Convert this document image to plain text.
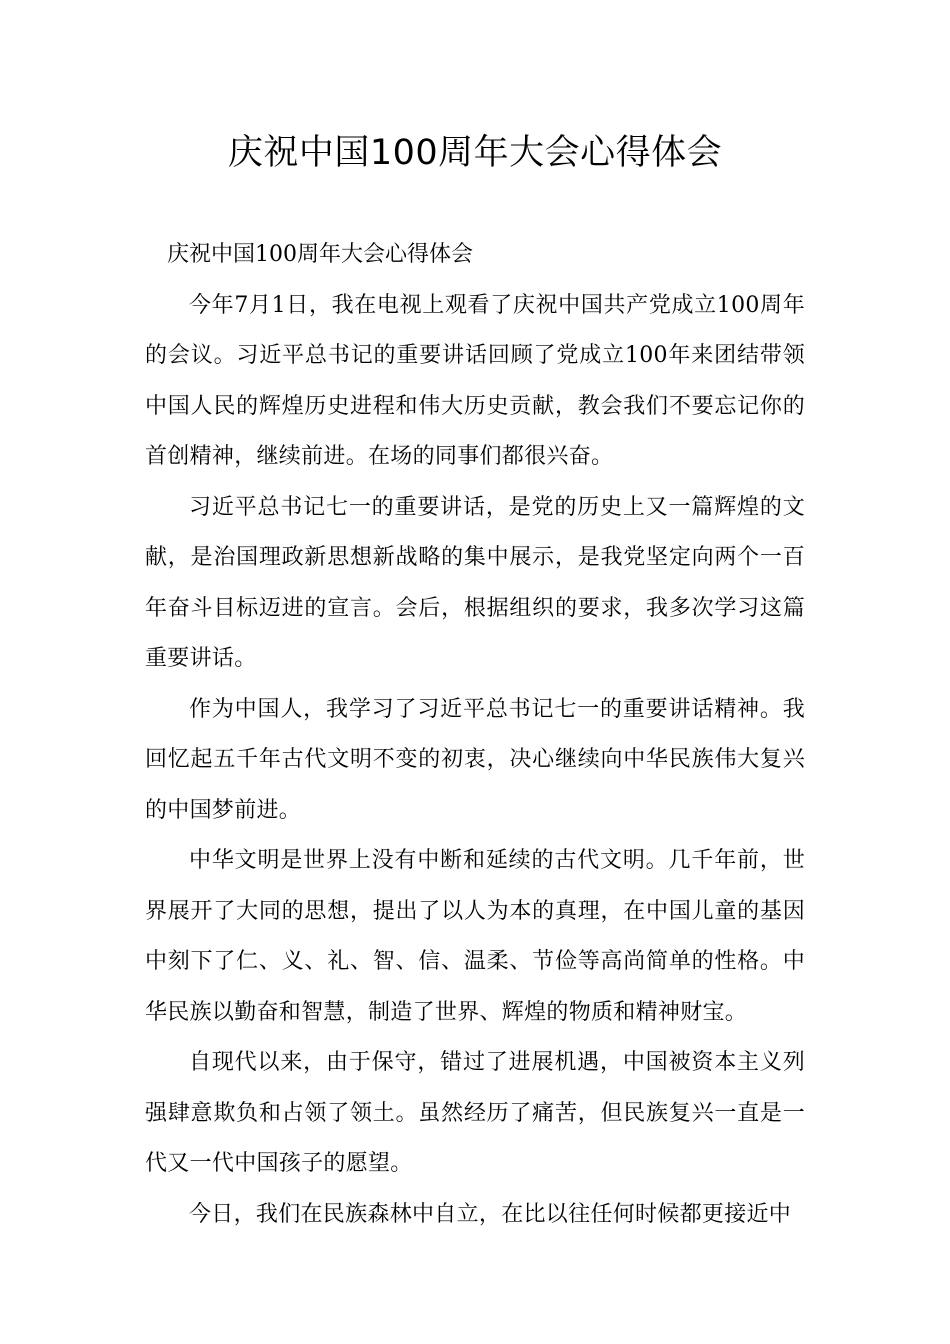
庆祝中国100周年大会心得体会

庆祝中国100周年大会心得体会

今年7月1日，我在电视上观看了庆祝中国共产党成立100周年的会议。习近平总书记的重要讲话回顾了党成立100年来团结带领中国人民的辉煌历史进程和伟大历史贡献，教会我们不要忘记你的首创精神，继续前进。在场的同事们都很兴奋。

习近平总书记七一的重要讲话，是党的历史上又一篇辉煌的文献，是治国理政新思想新战略的集中展示，是我党坚定向两个一百年奋斗目标迈进的宣言。会后，根据组织的要求，我多次学习这篇重要讲话。

作为中国人，我学习了习近平总书记七一的重要讲话精神。我回忆起五千年古代文明不变的初衷，决心继续向中华民族伟大复兴的中国梦前进。

中华文明是世界上没有中断和延续的古代文明。几千年前，世界展开了大同的思想，提出了以人为本的真理，在中国儿童的基因中刻下了仁、义、礼、智、信、温柔、节俭等高尚简单的性格。中华民族以勤奋和智慧，制造了世界、辉煌的物质和精神财宝。

自现代以来，由于保守，错过了进展机遇，中国被资本主义列强肆意欺负和占领了领土。虽然经历了痛苦，但民族复兴一直是一代又一代中国孩子的愿望。

今日，我们在民族森林中自立，在比以往任何时候都更接近中
